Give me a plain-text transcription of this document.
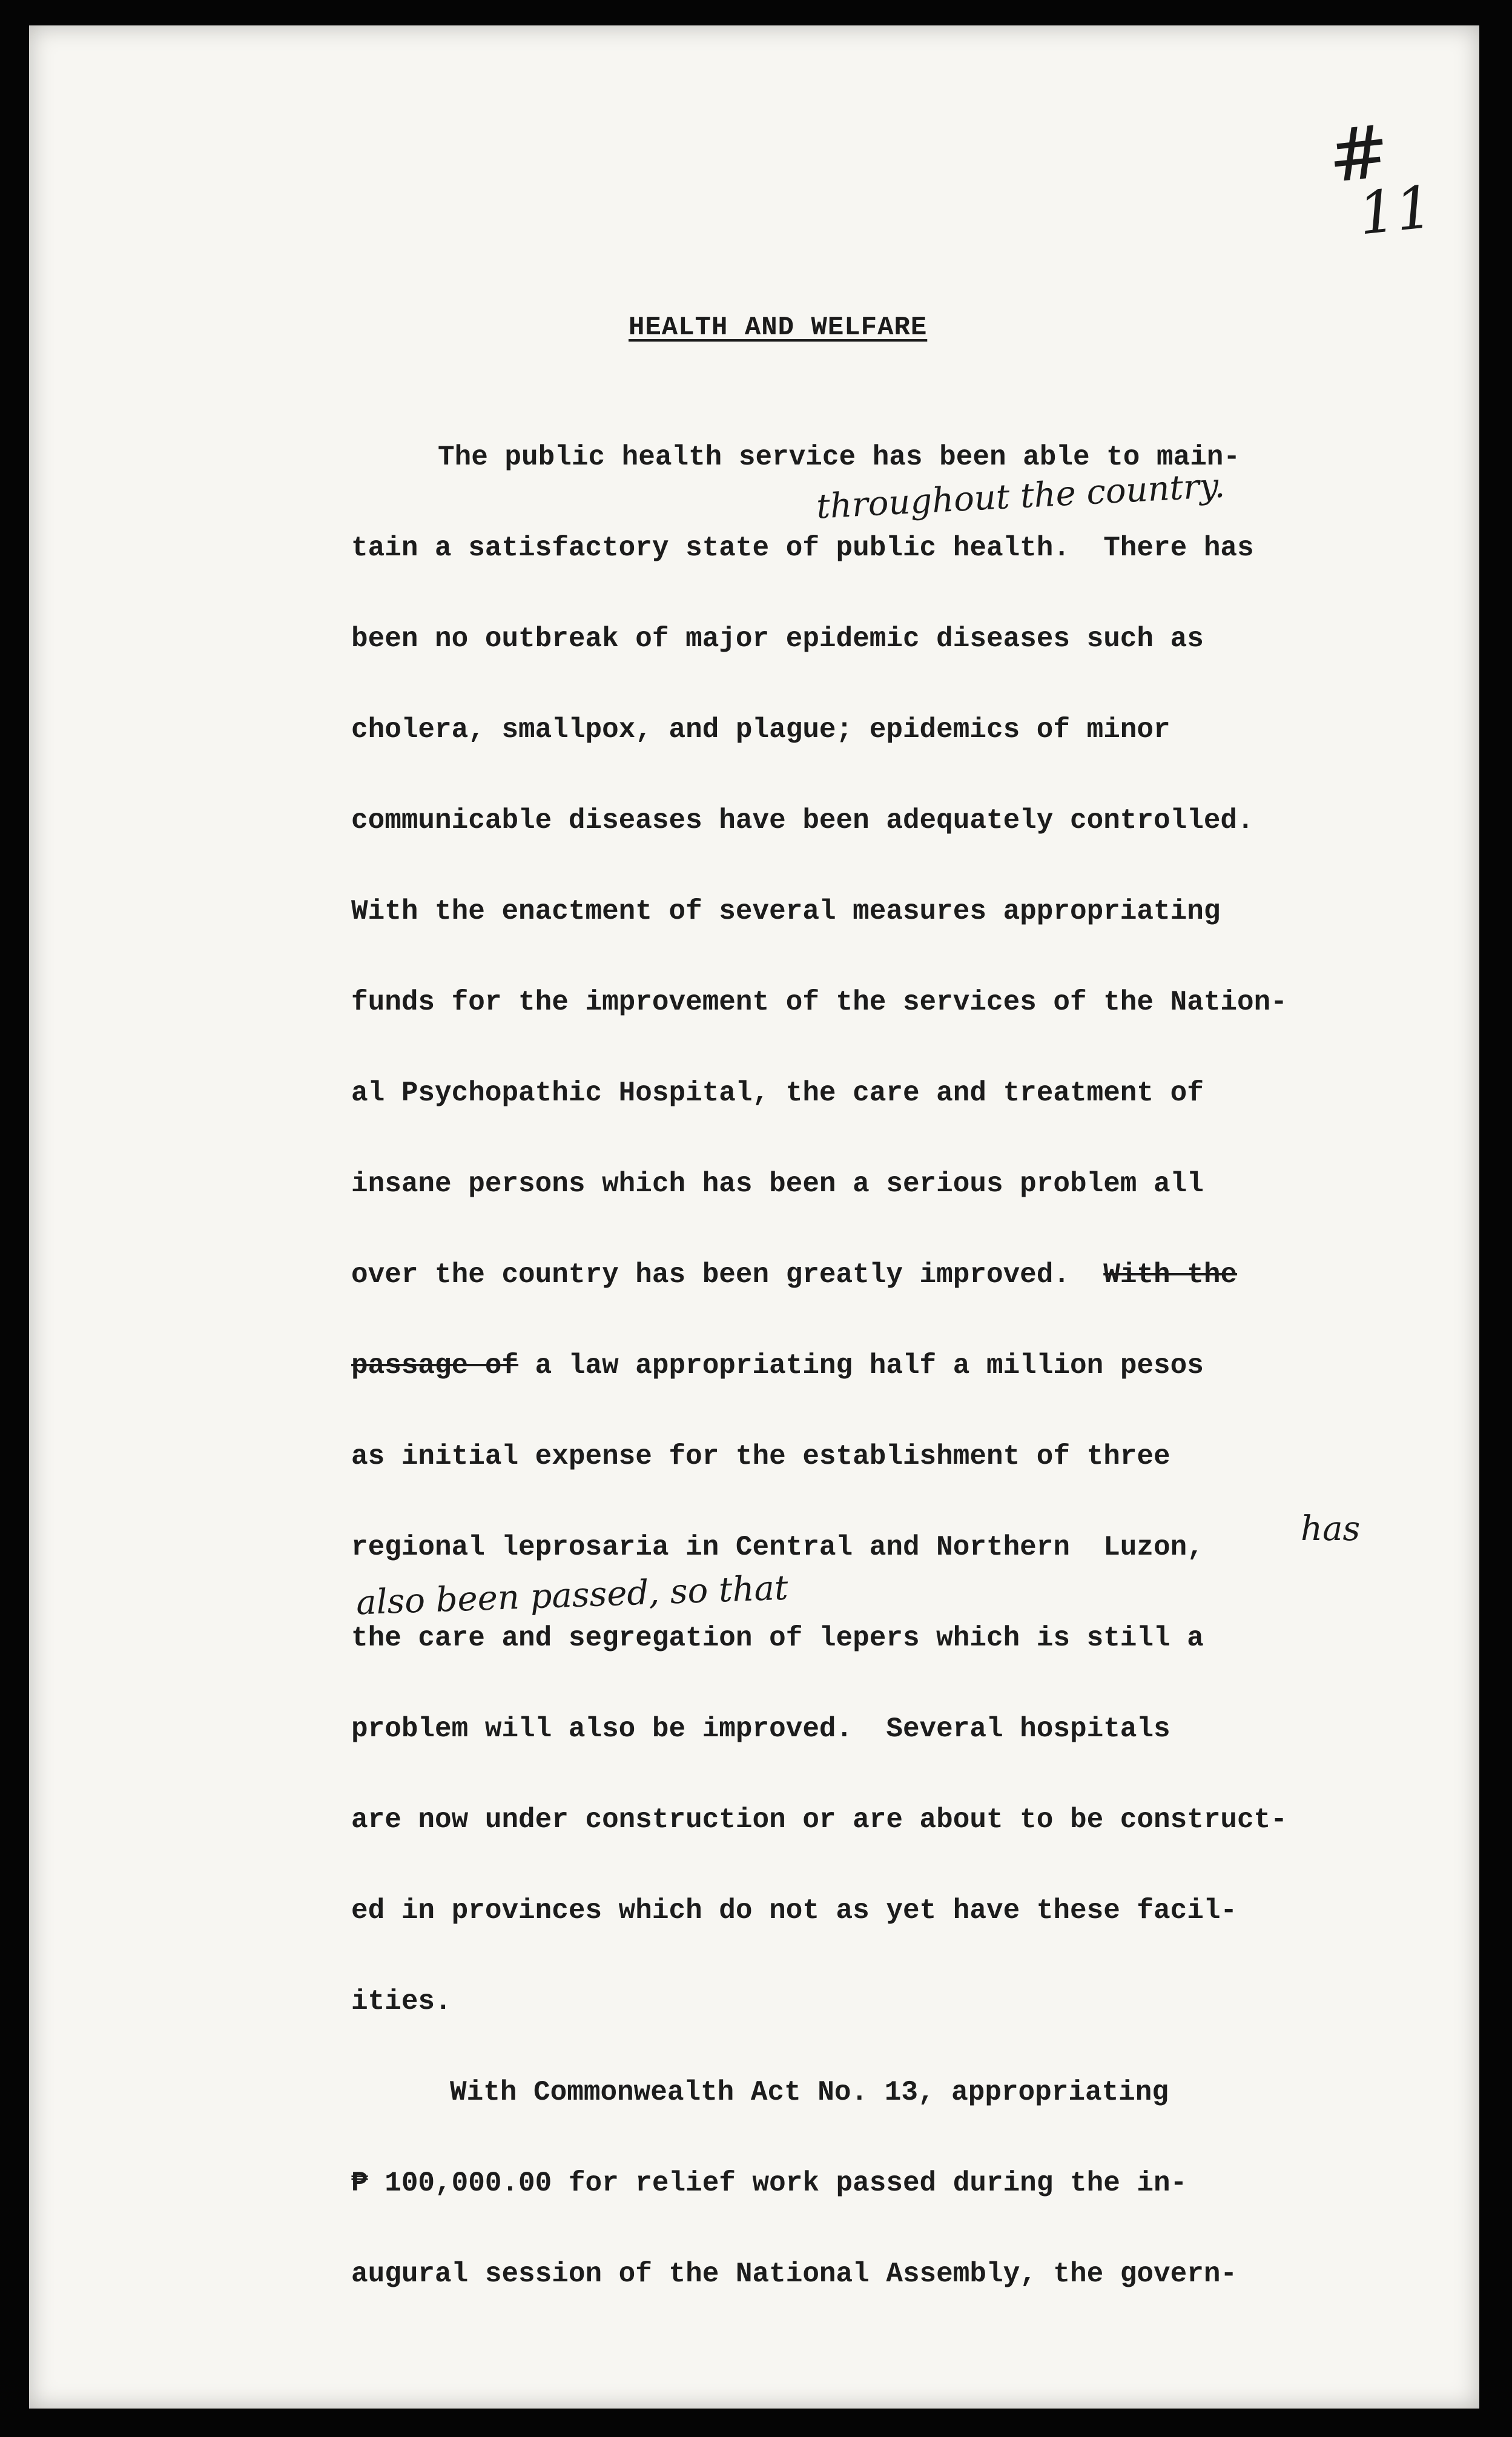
#
11
HEALTH AND WELFARE
throughout the country.
The public health service has been able to main-
tain a satisfactory state of public health.  There has
been no outbreak of major epidemic diseases such as
cholera, smallpox, and plague; epidemics of minor
communicable diseases have been adequately controlled.
With the enactment of several measures appropriating
funds for the improvement of the services of the Nation-
al Psychopathic Hospital, the care and treatment of
insane persons which has been a serious problem all
over the country has been greatly improved. With the
passage of a law appropriating half a million pesos
as initial expense for the establishment of three
regional leprosaria in Central and Northern  Luzon,	has
also been passed, so that
the care and segregation of lepers which is still a
problem will also be improved.  Several hospitals
are now under construction or are about to be construct-
ed in provinces which do not as yet have these facil-
ities.
With Commonwealth Act No. 13, appropriating
₱ 100,000.00 for relief work passed during the in-
augural session of the National Assembly, the govern-
